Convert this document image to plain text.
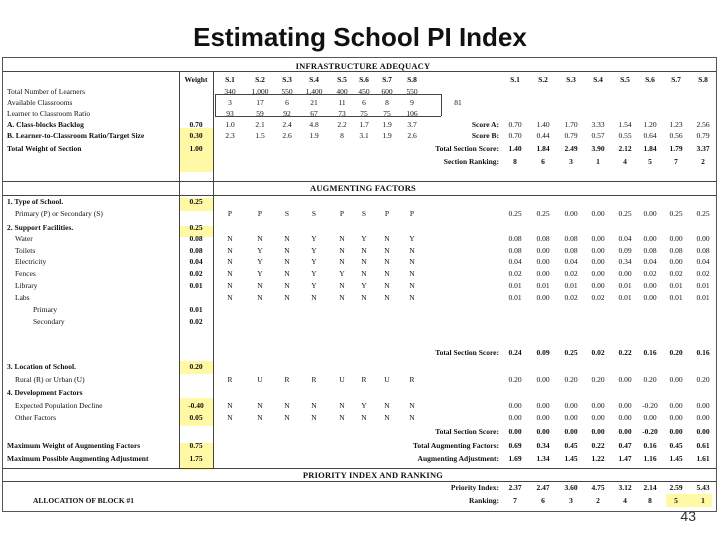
Estimating School PI Index
INFRASTRUCTURE ADEQUACY
AUGMENTING FACTORS
PRIORITY INDEX AND RANKING
Weight	S.1	S.2	S.3	S.4	S.5	S.6	S.7	S.8	S.1	S.2	S.3	S.4	S.5	S.6	S.7	S.8
Total Number of Learners	340	1,000	550	1,400	400	450	600	550
Available Classrooms	3	17	6	21	11	6	8	9
Learner to Classroom Ratio	93	59	92	67	73	75	75	106
A. Class-blocks Backlog	0.70	1.0	2.1	2.4	4.8	2.2	1.7	1.9	3.7
B. Learner-to-Classroom Ratio/Target Size	0.30	2.3	1.5	2.6	1.9	8	3.1	1.9	2.6
Total Weight of Section	1.00
81
Score A:	0.70	1.40	1.70	3.33	1.54	1.20	1.23	2.56
Score B:	0.70	0.44	0.79	0.57	0.55	0.64	0.56	0.79
Total Section Score:	1.40	1.84	2.49	3.90	2.12	1.84	1.79	3.37
Section Ranking:	8	6	3	1	4	5	7	2
1. Type of School.	0.25
Primary (P) or Secondary (S)	P	P	S	S	P	S	P	P	0.25	0.25	0.00	0.00	0.25	0.00	0.25	0.25
2. Support Facilities.	0.25
Water	0.08	N	N	N	Y	N	Y	N	Y	0.08	0.08	0.08	0.00	0.04	0.00	0.00	0.00
Toilets	0.08	N	Y	N	Y	N	N	N	N	0.08	0.00	0.08	0.00	0.09	0.08	0.08	0.08
Electricity	0.04	N	Y	N	Y	N	N	N	N	0.04	0.00	0.04	0.00	0.34	0.04	0.00	0.04
Fences	0.02	N	Y	N	Y	Y	N	N	N	0.02	0.00	0.02	0.00	0.00	0.02	0.02	0.02
Library	0.01	N	N	N	Y	N	Y	N	N	0.01	0.01	0.01	0.00	0.01	0.00	0.01	0.01
Labs	N	N	N	N	N	N	N	N	0.01	0.00	0.02	0.02	0.01	0.00	0.01	0.01
Primary	0.01
Secondary	0.02
Total Section Score:	0.24	0.09	0.25	0.02	0.22	0.16	0.20	0.16
3. Location of School.	0.20
Rural (R) or Urban (U)	R	U	R	R	U	R	U	R	0.20	0.00	0.20	0.20	0.00	0.20	0.00	0.20
4. Development Factors
Expected Population Decline	-0.40	N	N	N	N	N	Y	N	N	0.00	0.00	0.00	0.00	0.00	-0.20	0.00	0.00
Other Factors	0.05	N	N	N	N	N	N	N	N	0.00	0.00	0.00	0.00	0.00	0.00	0.00	0.00
Total Section Score:	0.00	0.00	0.00	0.00	0.00	-0.20	0.00	0.00
Total Augmenting Factors:	0.69	0.34	0.45	0.22	0.47	0.16	0.45	0.61
Augmenting Adjustment:	1.69	1.34	1.45	1.22	1.47	1.16	1.45	1.61
Maximum Weight of Augmenting Factors	0.75
Maximum Possible Augmenting Adjustment	1.75
Priority Index:	2.37	2.47	3.60	4.75	3.12	2.14	2.59	5.43
Ranking:	7	6	3	2	4	8	5	1
ALLOCATION OF BLOCK #1
43
